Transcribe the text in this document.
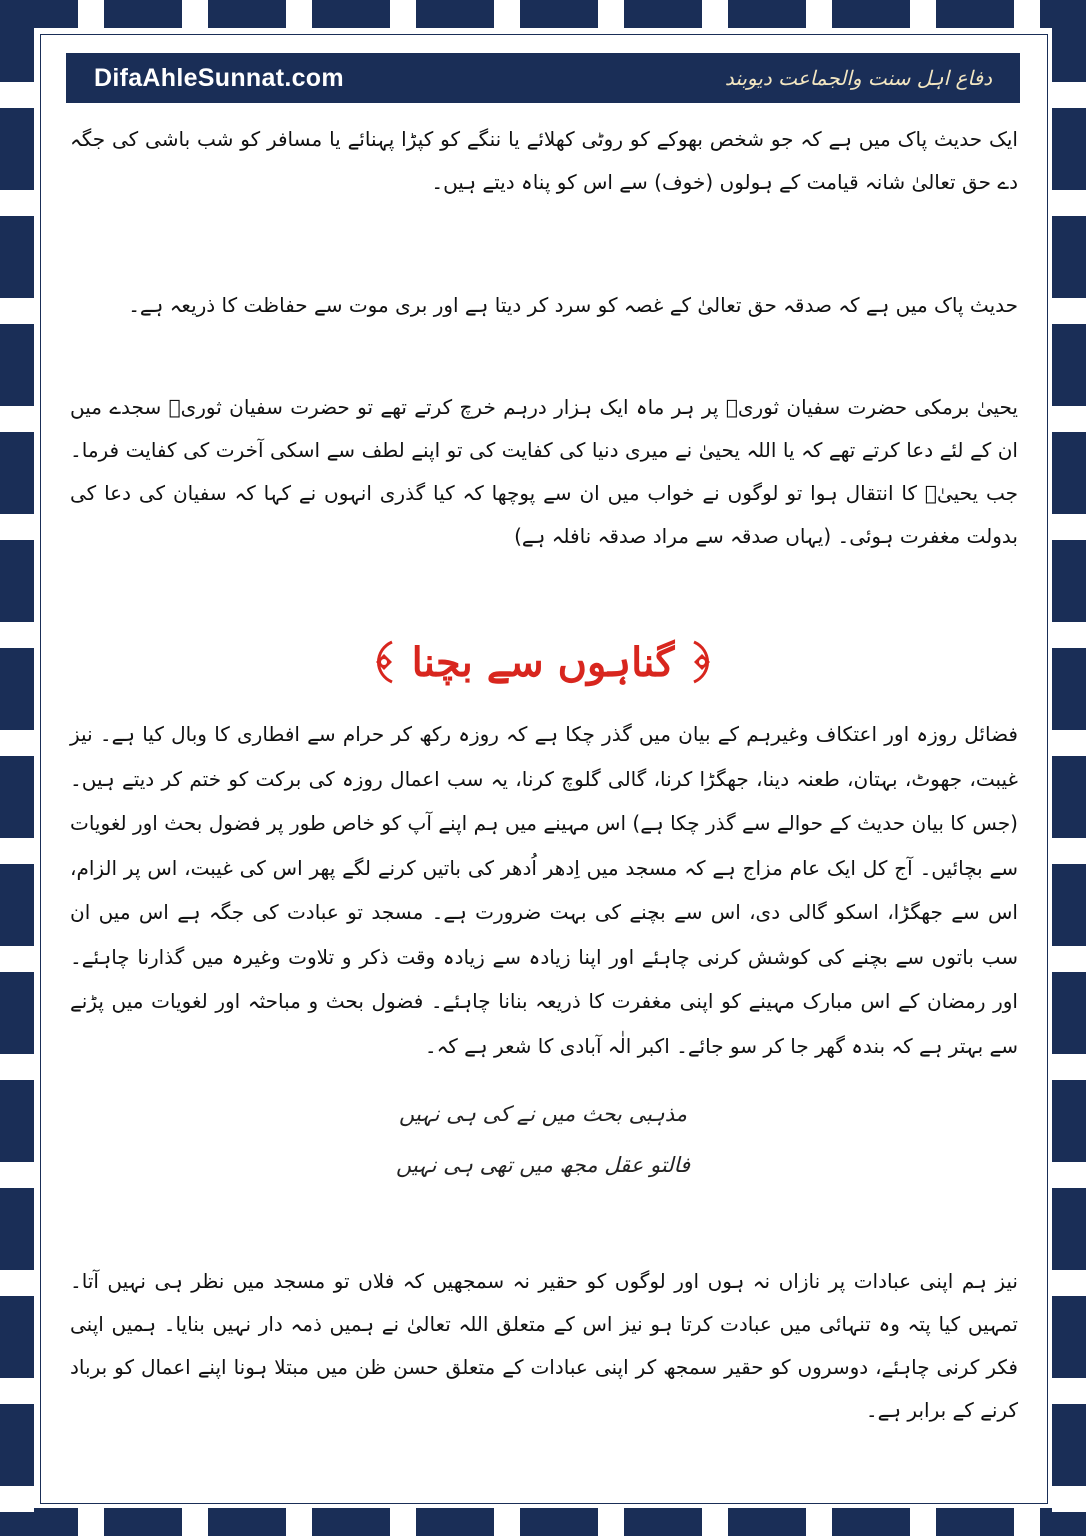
DifaAhleSunnat.com	دفاع اہل سنت والجماعت دیوبند
ایک حدیث پاک میں ہے کہ جو شخص بھوکے کو روٹی کھلائے یا ننگے کو کپڑا پہنائے یا مسافر کو شب باشی کی جگہ دے حق تعالیٰ شانہ قیامت کے ہولوں (خوف) سے اس کو پناہ دیتے ہیں۔
حدیث پاک میں ہے کہ صدقہ حق تعالیٰ کے غصہ کو سرد کر دیتا ہے اور بری موت سے حفاظت کا ذریعہ ہے۔
یحییٰ برمکی حضرت سفیان ثوریؒ پر ہر ماہ ایک ہزار درہم خرچ کرتے تھے تو حضرت سفیان ثوریؒ سجدے میں ان کے لئے دعا کرتے تھے کہ یا اللہ یحییٰ نے میری دنیا کی کفایت کی تو اپنے لطف سے اسکی آخرت کی کفایت فرما۔ جب یحییٰؒ کا انتقال ہوا تو لوگوں نے خواب میں ان سے پوچھا کہ کیا گذری انہوں نے کہا کہ سفیان کی دعا کی بدولت مغفرت ہوئی۔ (یہاں صدقہ سے مراد صدقہ نافلہ ہے)
گناہوں سے بچنا
فضائل روزہ اور اعتکاف وغیرہم کے بیان میں گذر چکا ہے کہ روزہ رکھ کر حرام سے افطاری کا وبال کیا ہے۔ نیز غیبت، جھوٹ، بہتان، طعنہ دینا، جھگڑا کرنا، گالی گلوچ کرنا، یہ سب اعمال روزہ کی برکت کو ختم کر دیتے ہیں۔ (جس کا بیان حدیث کے حوالے سے گذر چکا ہے) اس مہینے میں ہم اپنے آپ کو خاص طور پر فضول بحث اور لغویات سے بچائیں۔ آج کل ایک عام مزاج ہے کہ مسجد میں اِدھر اُدھر کی باتیں کرنے لگے پھر اس کی غیبت، اس پر الزام، اس سے جھگڑا، اسکو گالی دی، اس سے بچنے کی بہت ضرورت ہے۔ مسجد تو عبادت کی جگہ ہے اس میں ان سب باتوں سے بچنے کی کوشش کرنی چاہئے اور اپنا زیادہ سے زیادہ وقت ذکر و تلاوت وغیرہ میں گذارنا چاہئے۔ اور رمضان کے اس مبارک مہینے کو اپنی مغفرت کا ذریعہ بنانا چاہئے۔ فضول بحث و مباحثہ اور لغویات میں پڑنے سے بہتر ہے کہ بندہ گھر جا کر سو جائے۔ اکبر الٰہ آبادی کا شعر ہے کہ۔
مذہبی بحث میں نے کی ہی نہیں
فالتو عقل مجھ میں تھی ہی نہیں
نیز ہم اپنی عبادات پر نازاں نہ ہوں اور لوگوں کو حقیر نہ سمجھیں کہ فلاں تو مسجد میں نظر ہی نہیں آتا۔ تمہیں کیا پتہ وہ تنہائی میں عبادت کرتا ہو نیز اس کے متعلق اللہ تعالیٰ نے ہمیں ذمہ دار نہیں بنایا۔ ہمیں اپنی فکر کرنی چاہئے، دوسروں کو حقیر سمجھ کر اپنی عبادات کے متعلق حسن ظن میں مبتلا ہونا اپنے اعمال کو برباد کرنے کے برابر ہے۔
